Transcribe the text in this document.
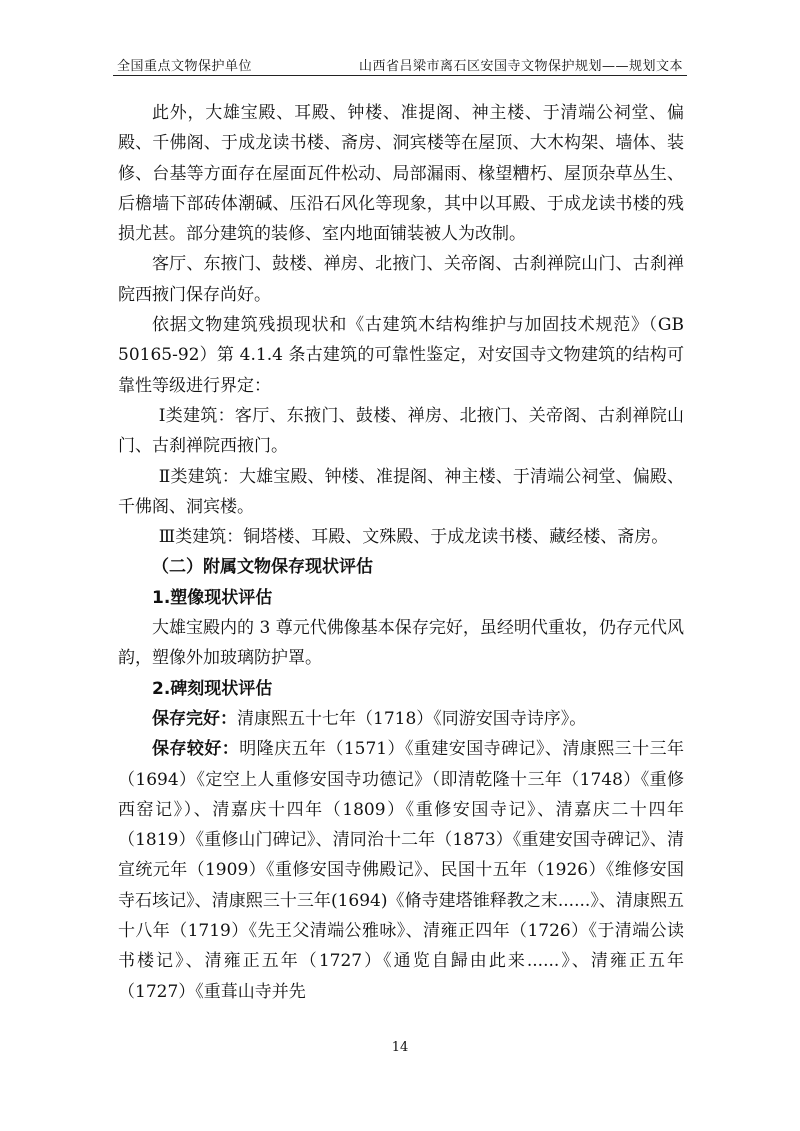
全国重点文物保护单位	山西省吕梁市离石区安国寺文物保护规划——规划文本

此外，大雄宝殿、耳殿、钟楼、准提阁、神主楼、于清端公祠堂、偏殿、千佛阁、于成龙读书楼、斋房、洞宾楼等在屋顶、大木构架、墙体、装修、台基等方面存在屋面瓦件松动、局部漏雨、椽望糟朽、屋顶杂草丛生、后檐墙下部砖体潮碱、压沿石风化等现象，其中以耳殿、于成龙读书楼的残损尤甚。部分建筑的装修、室内地面铺装被人为改制。

客厅、东掖门、鼓楼、禅房、北掖门、关帝阁、古刹禅院山门、古刹禅院西掖门保存尚好。

依据文物建筑残损现状和《古建筑木结构维护与加固技术规范》（GB 50165-92）第 4.1.4 条古建筑的可靠性鉴定，对安国寺文物建筑的结构可靠性等级进行界定：

Ⅰ类建筑：客厅、东掖门、鼓楼、禅房、北掖门、关帝阁、古刹禅院山门、古刹禅院西掖门。

Ⅱ类建筑：大雄宝殿、钟楼、准提阁、神主楼、于清端公祠堂、偏殿、千佛阁、洞宾楼。

Ⅲ类建筑：铜塔楼、耳殿、文殊殿、于成龙读书楼、藏经楼、斋房。

（二）附属文物保存现状评估

1.塑像现状评估

大雄宝殿内的 3 尊元代佛像基本保存完好，虽经明代重妆，仍存元代风韵，塑像外加玻璃防护罩。

2.碑刻现状评估

保存完好：清康熙五十七年（1718）《同游安国寺诗序》。

保存较好：明隆庆五年（1571）《重建安国寺碑记》、清康熙三十三年（1694）《定空上人重修安国寺功德记》（即清乾隆十三年（1748）《重修西窑记》）、清嘉庆十四年（1809）《重修安国寺记》、清嘉庆二十四年（1819）《重修山门碑记》、清同治十二年（1873）《重建安国寺碑记》、清宣统元年（1909）《重修安国寺佛殿记》、民国十五年（1926）《维修安国寺石垓记》、清康熙三十三年(1694)《脩寺建塔锥释教之末......》、清康熙五十八年（1719）《先王父清端公雅咏》、清雍正四年（1726）《于清端公读书楼记》、清雍正五年（1727）《通览自歸由此来......》、清雍正五年（1727）《重葺山寺并先

14
